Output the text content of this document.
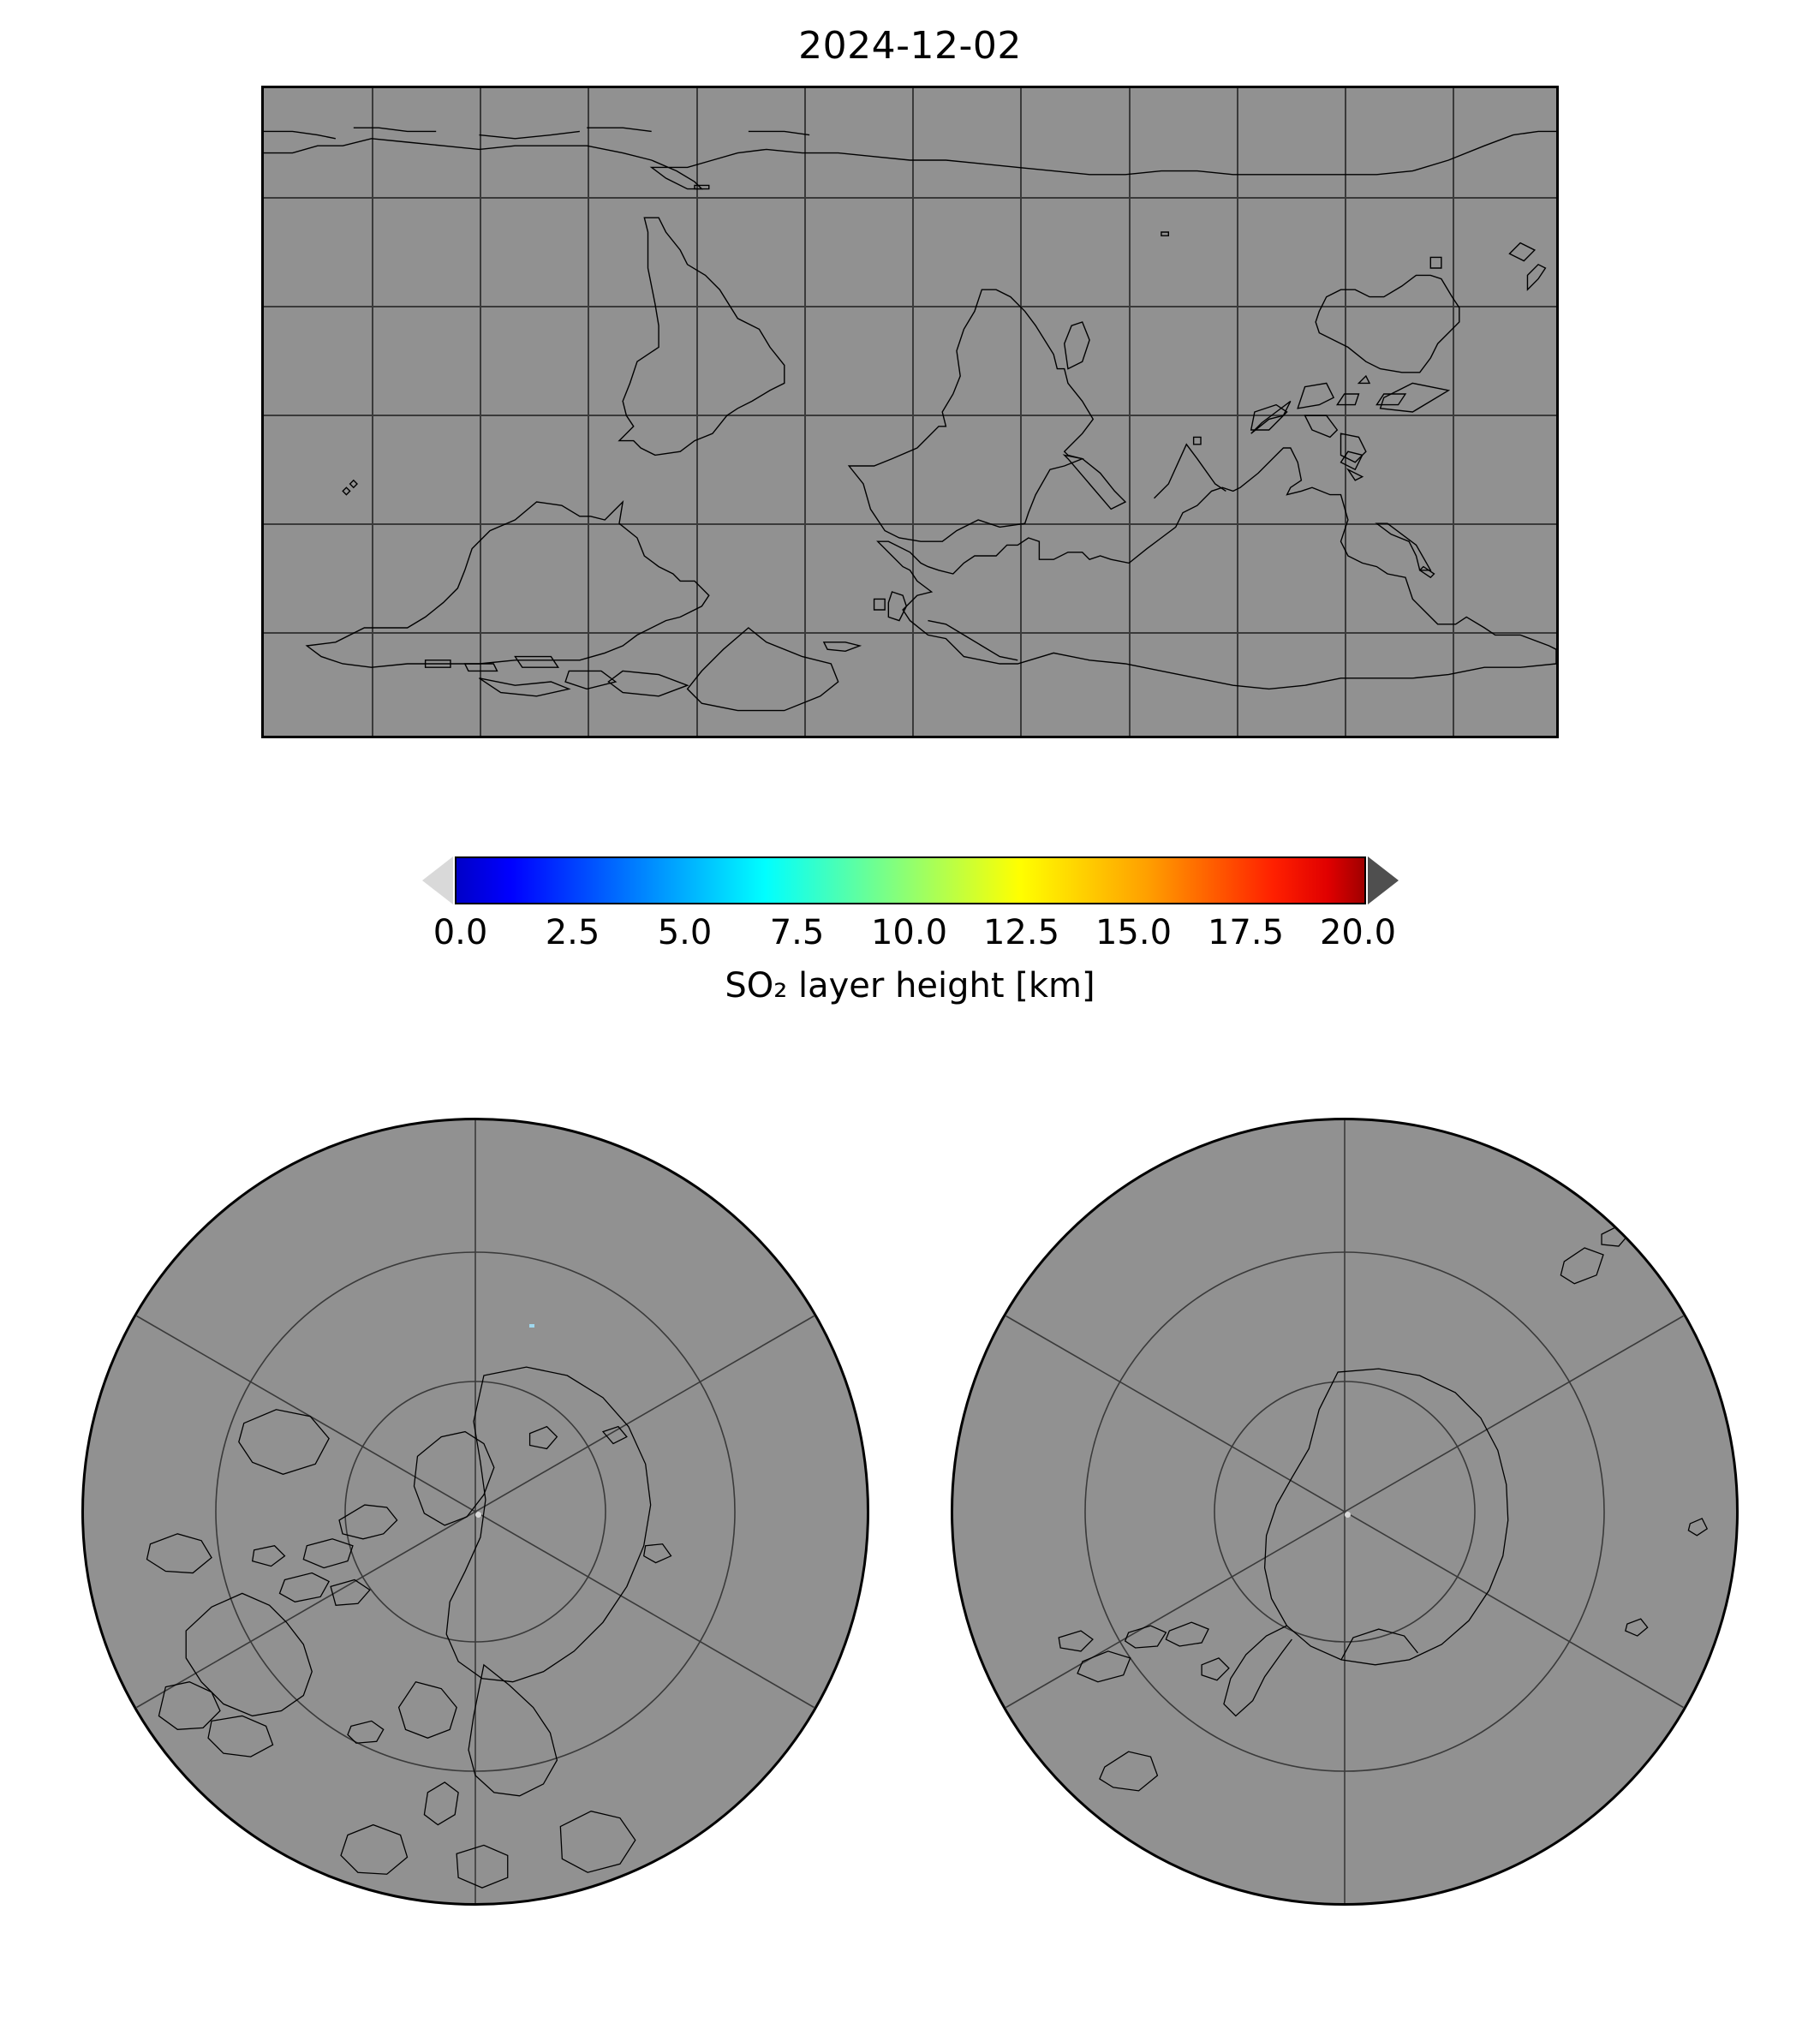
2024-12-02
0.0 2.5 5.0 7.5 10.0 12.5 15.0 17.5 20.0
SO₂ layer height [km]
